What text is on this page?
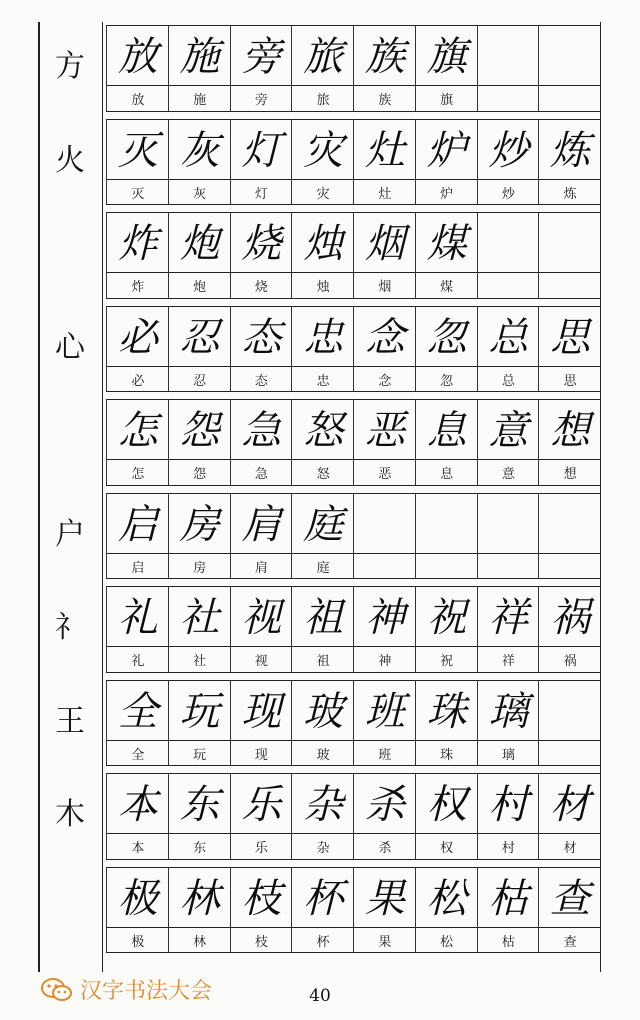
方
火
心
户
礻
王
木
放
放
施
施
旁
旁
旅
旅
族
族
旗
旗
灭
灭
灰
灰
灯
灯
灾
灾
灶
灶
炉
炉
炒
炒
炼
炼
炸
炸
炮
炮
烧
烧
烛
烛
烟
烟
煤
煤
必
必
忍
忍
态
态
忠
忠
念
念
忽
忽
总
总
思
思
怎
怎
怨
怨
急
急
怒
怒
恶
恶
息
息
意
意
想
想
启
启
房
房
肩
肩
庭
庭
礼
礼
社
社
视
视
祖
祖
神
神
祝
祝
祥
祥
祸
祸
全
全
玩
玩
现
现
玻
玻
班
班
珠
珠
璃
璃
本
本
东
东
乐
乐
杂
杂
杀
杀
权
权
村
村
材
材
极
极
林
林
枝
枝
杯
杯
果
果
松
松
枯
枯
查
查
汉字书法大会	40
